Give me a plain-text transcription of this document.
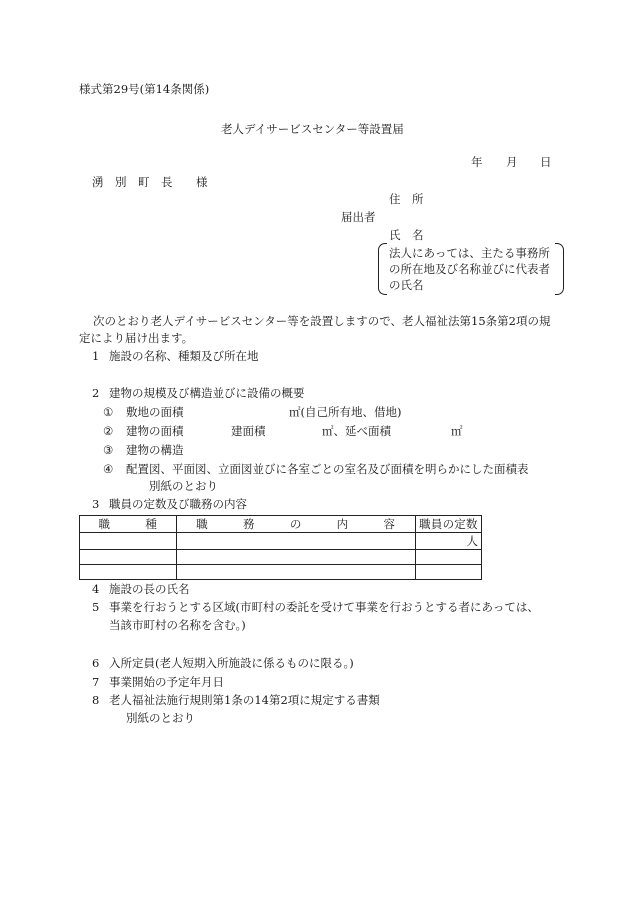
様式第29号(第14条関係)
老人デイサービスセンター等設置届
年 月 日
湧　別　町　長 様
住　所
届出者
氏　名
法人にあっては、主たる事務所
の所在地及び名称並びに代表者
の氏名
次のとおり老人デイサービスセンター等を設置しますので、老人福祉法第15条第2項の規
定により届け出ます。
1 施設の名称、種類及び所在地
2 建物の規模及び構造並びに設備の概要
① 敷地の面積	㎡(自己所有地、借地)
② 建物の面積	建面積	㎡、延べ面積	㎡
③ 建物の構造
④ 配置図、平面図、立面図並びに各室ごとの室名及び面積を明らかにした面積表
別紙のとおり
3 職員の定数及び職務の内容
職　　　種	職　　　務　　　の　　　内　　　容	職員の定数
		人

4 施設の長の氏名
5 事業を行おうとする区域(市町村の委託を受けて事業を行おうとする者にあっては、
当該市町村の名称を含む。)
6 入所定員(老人短期入所施設に係るものに限る。)
7 事業開始の予定年月日
8 老人福祉法施行規則第1条の14第2項に規定する書類
別紙のとおり
